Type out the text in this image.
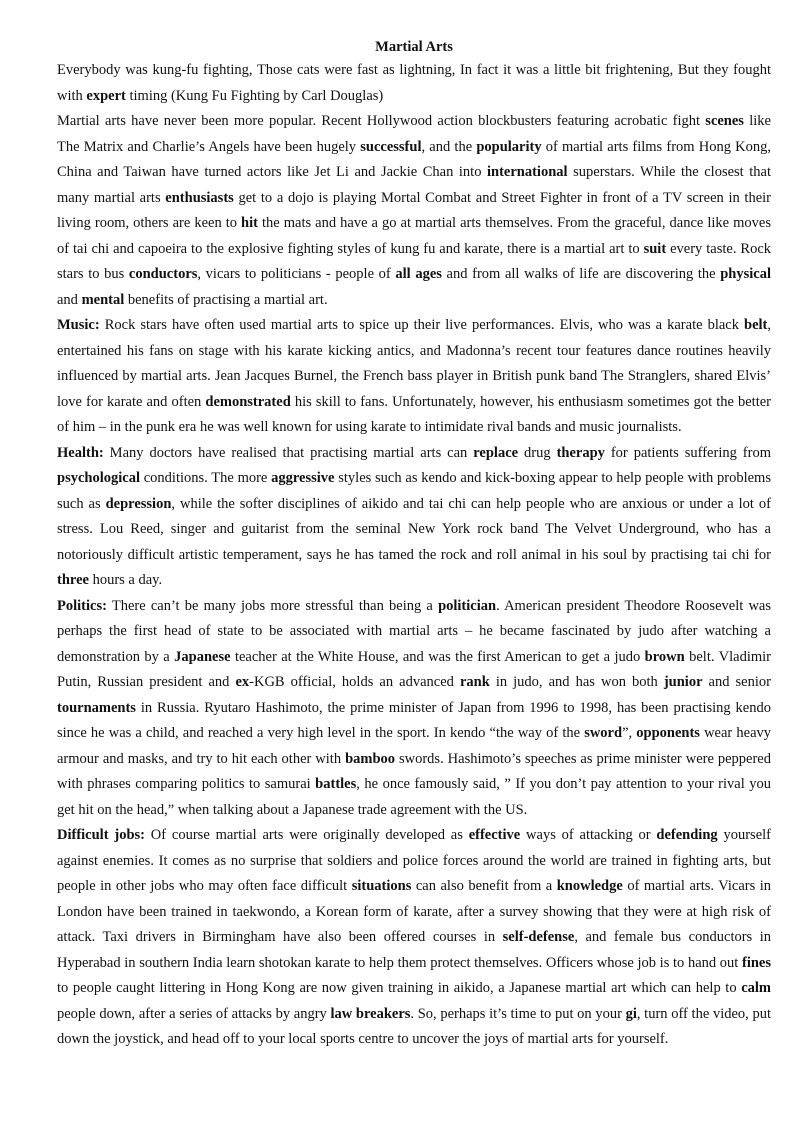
Martial Arts

Everybody was kung-fu fighting, Those cats were fast as lightning, In fact it was a little bit frightening, But they fought with expert timing (Kung Fu Fighting by Carl Douglas)

Martial arts have never been more popular. Recent Hollywood action blockbusters featuring acrobatic fight scenes like The Matrix and Charlie’s Angels have been hugely successful, and the popularity of martial arts films from Hong Kong, China and Taiwan have turned actors like Jet Li and Jackie Chan into international superstars. While the closest that many martial arts enthusiasts get to a dojo is playing Mortal Combat and Street Fighter in front of a TV screen in their living room, others are keen to hit the mats and have a go at martial arts themselves. From the graceful, dance like moves of tai chi and capoeira to the explosive fighting styles of kung fu and karate, there is a martial art to suit every taste. Rock stars to bus conductors, vicars to politicians - people of all ages and from all walks of life are discovering the physical and mental benefits of practising a martial art.

Music: Rock stars have often used martial arts to spice up their live performances. Elvis, who was a karate black belt, entertained his fans on stage with his karate kicking antics, and Madonna’s recent tour features dance routines heavily influenced by martial arts. Jean Jacques Burnel, the French bass player in British punk band The Stranglers, shared Elvis’ love for karate and often demonstrated his skill to fans. Unfortunately, however, his enthusiasm sometimes got the better of him – in the punk era he was well known for using karate to intimidate rival bands and music journalists.

Health: Many doctors have realised that practising martial arts can replace drug therapy for patients suffering from psychological conditions. The more aggressive styles such as kendo and kick-boxing appear to help people with problems such as depression, while the softer disciplines of aikido and tai chi can help people who are anxious or under a lot of stress. Lou Reed, singer and guitarist from the seminal New York rock band The Velvet Underground, who has a notoriously difficult artistic temperament, says he has tamed the rock and roll animal in his soul by practising tai chi for three hours a day.

Politics: There can’t be many jobs more stressful than being a politician. American president Theodore Roosevelt was perhaps the first head of state to be associated with martial arts – he became fascinated by judo after watching a demonstration by a Japanese teacher at the White House, and was the first American to get a judo brown belt. Vladimir Putin, Russian president and ex-KGB official, holds an advanced rank in judo, and has won both junior and senior tournaments in Russia. Ryutaro Hashimoto, the prime minister of Japan from 1996 to 1998, has been practising kendo since he was a child, and reached a very high level in the sport. In kendo “the way of the sword”, opponents wear heavy armour and masks, and try to hit each other with bamboo swords. Hashimoto’s speeches as prime minister were peppered with phrases comparing politics to samurai battles, he once famously said, ” If you don’t pay attention to your rival you get hit on the head,” when talking about a Japanese trade agreement with the US.

Difficult jobs: Of course martial arts were originally developed as effective ways of attacking or defending yourself against enemies. It comes as no surprise that soldiers and police forces around the world are trained in fighting arts, but people in other jobs who may often face difficult situations can also benefit from a knowledge of martial arts. Vicars in London have been trained in taekwondo, a Korean form of karate, after a survey showing that they were at high risk of attack. Taxi drivers in Birmingham have also been offered courses in self-defense, and female bus conductors in Hyperabad in southern India learn shotokan karate to help them protect themselves. Officers whose job is to hand out fines to people caught littering in Hong Kong are now given training in aikido, a Japanese martial art which can help to calm people down, after a series of attacks by angry law breakers. So, perhaps it’s time to put on your gi, turn off the video, put down the joystick, and head off to your local sports centre to uncover the joys of martial arts for yourself.
